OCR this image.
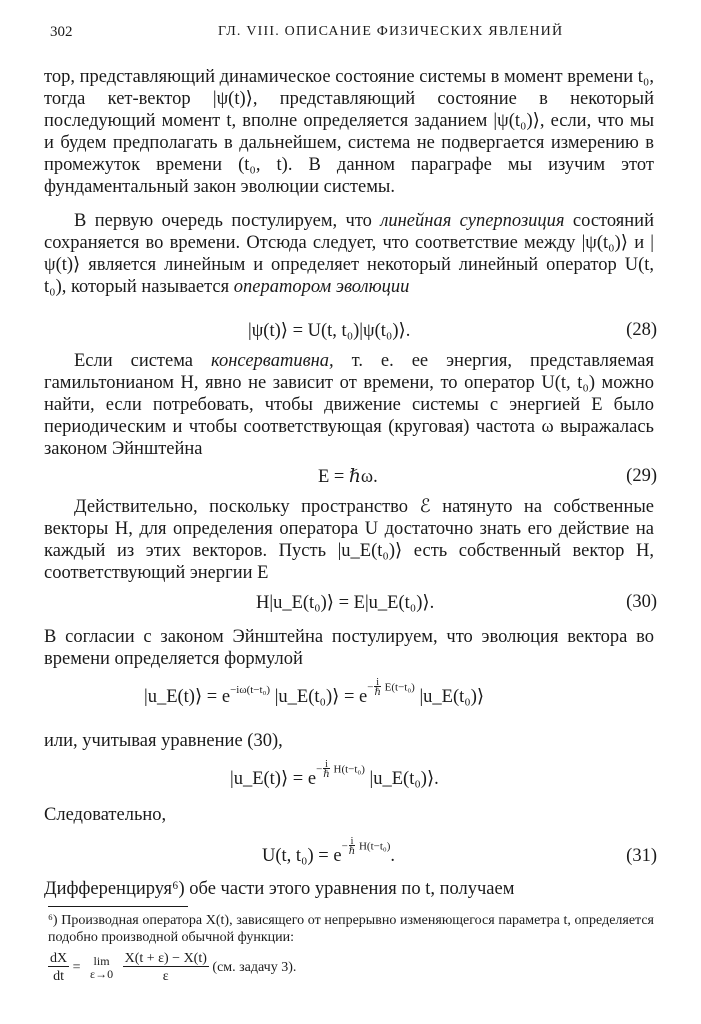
302	ГЛ. VIII. ОПИСАНИЕ ФИЗИЧЕСКИХ ЯВЛЕНИЙ

тор, представляющий динамическое состояние системы в момент времени t₀, тогда кет-вектор |ψ(t)⟩, представляющий состояние в некоторый последующий момент t, вполне определяется заданием |ψ(t₀)⟩, если, что мы и будем предполагать в дальнейшем, система не подвергается измерению в промежуток времени (t₀, t). В данном параграфе мы изучим этот фундаментальный закон эволюции системы.

В первую очередь постулируем, что линейная суперпозиция состояний сохраняется во времени. Отсюда следует, что соответствие между |ψ(t₀)⟩ и |ψ(t)⟩ является линейным и определяет некоторый линейный оператор U(t, t₀), который называется оператором эволюции

|ψ(t)⟩ = U(t, t₀)|ψ(t₀)⟩.	(28)

Если система консервативна, т. е. ее энергия, представляемая гамильтонианом H, явно не зависит от времени, то оператор U(t, t₀) можно найти, если потребовать, чтобы движение системы с энергией E было периодическим и чтобы соответствующая (круговая) частота ω выражалась законом Эйнштейна

E = ℏω.	(29)

Действительно, поскольку пространство ℰ натянуто на собственные векторы H, для определения оператора U достаточно знать его действие на каждый из этих векторов. Пусть |u_E(t₀)⟩ есть собственный вектор H, соответствующий энергии E

H|u_E(t₀)⟩ = E|u_E(t₀)⟩.	(30)

В согласии с законом Эйнштейна постулируем, что эволюция вектора во времени определяется формулой

|u_E(t)⟩ = e−iω(t−t₀) |u_E(t₀)⟩ = $e-\frac{i}{\text{ℏ}} E(t-t_0)$ |u_E(t₀)⟩

или, учитывая уравнение (30),

|u_E(t)⟩ = $e-\frac{i}{\text{ℏ}} H(t-t_0)$ |u_E(t₀)⟩.

Следовательно,

U(t, $t_0) = e-\frac{i}{\text{ℏ}} H(t-t_0)$.	(31)

Дифференцируя⁶) обе части этого уравнения по t, получаем

⁶) Производная оператора X(t), зависящего от непрерывно изменяющегося параметра t, определяется подобно производной обычной функции:
$\frac{dX}{dt} = \lim$
$\varepsilon\to 0 \frac{X(t + \varepsilon) - X(t)}{\varepsilon} (см$. задачу 3).
